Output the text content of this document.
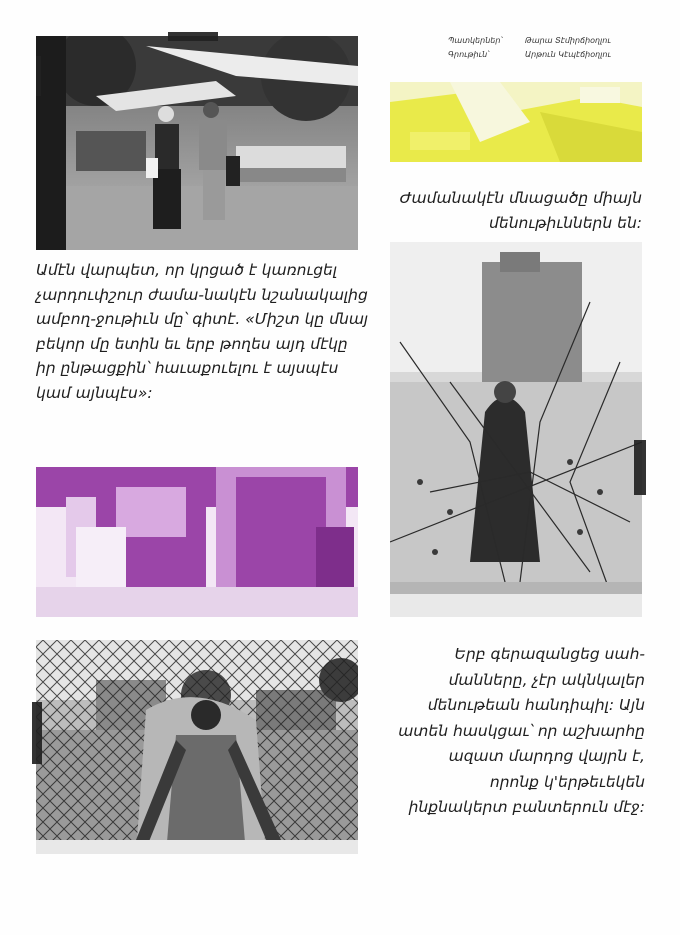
Պատկերներ՝
Գրութիւն՝
Թարա Տէմիրճիօղլու
Արթուն Կէպէճիօղլու

Ժամանակէն մնացածը միայն մենութիւններն են:

Ամէն վարպետ, որ կրցած է կառուցել չարդուփշուր ժամա-նակէն նշանակալից ամբող-ջութիւն մը՝ գիտէ. «Միշտ կը մնայ բեկոր մը ետին եւ երբ թողես այդ մէկը իր ընթացքին՝ հաւաքուելու է այսպէս կամ այնպէս»:

Երբ գերազանցեց սահ-մանները, չէր ակնկալեր մենութեան հանդիպիլ: Այն ատեն հասկցաւ՝ որ աշխարհը ազատ մարդոց վայրն է, որոնք կ'երթեւեկեն ինքնակերտ բանտերուն մէջ:
